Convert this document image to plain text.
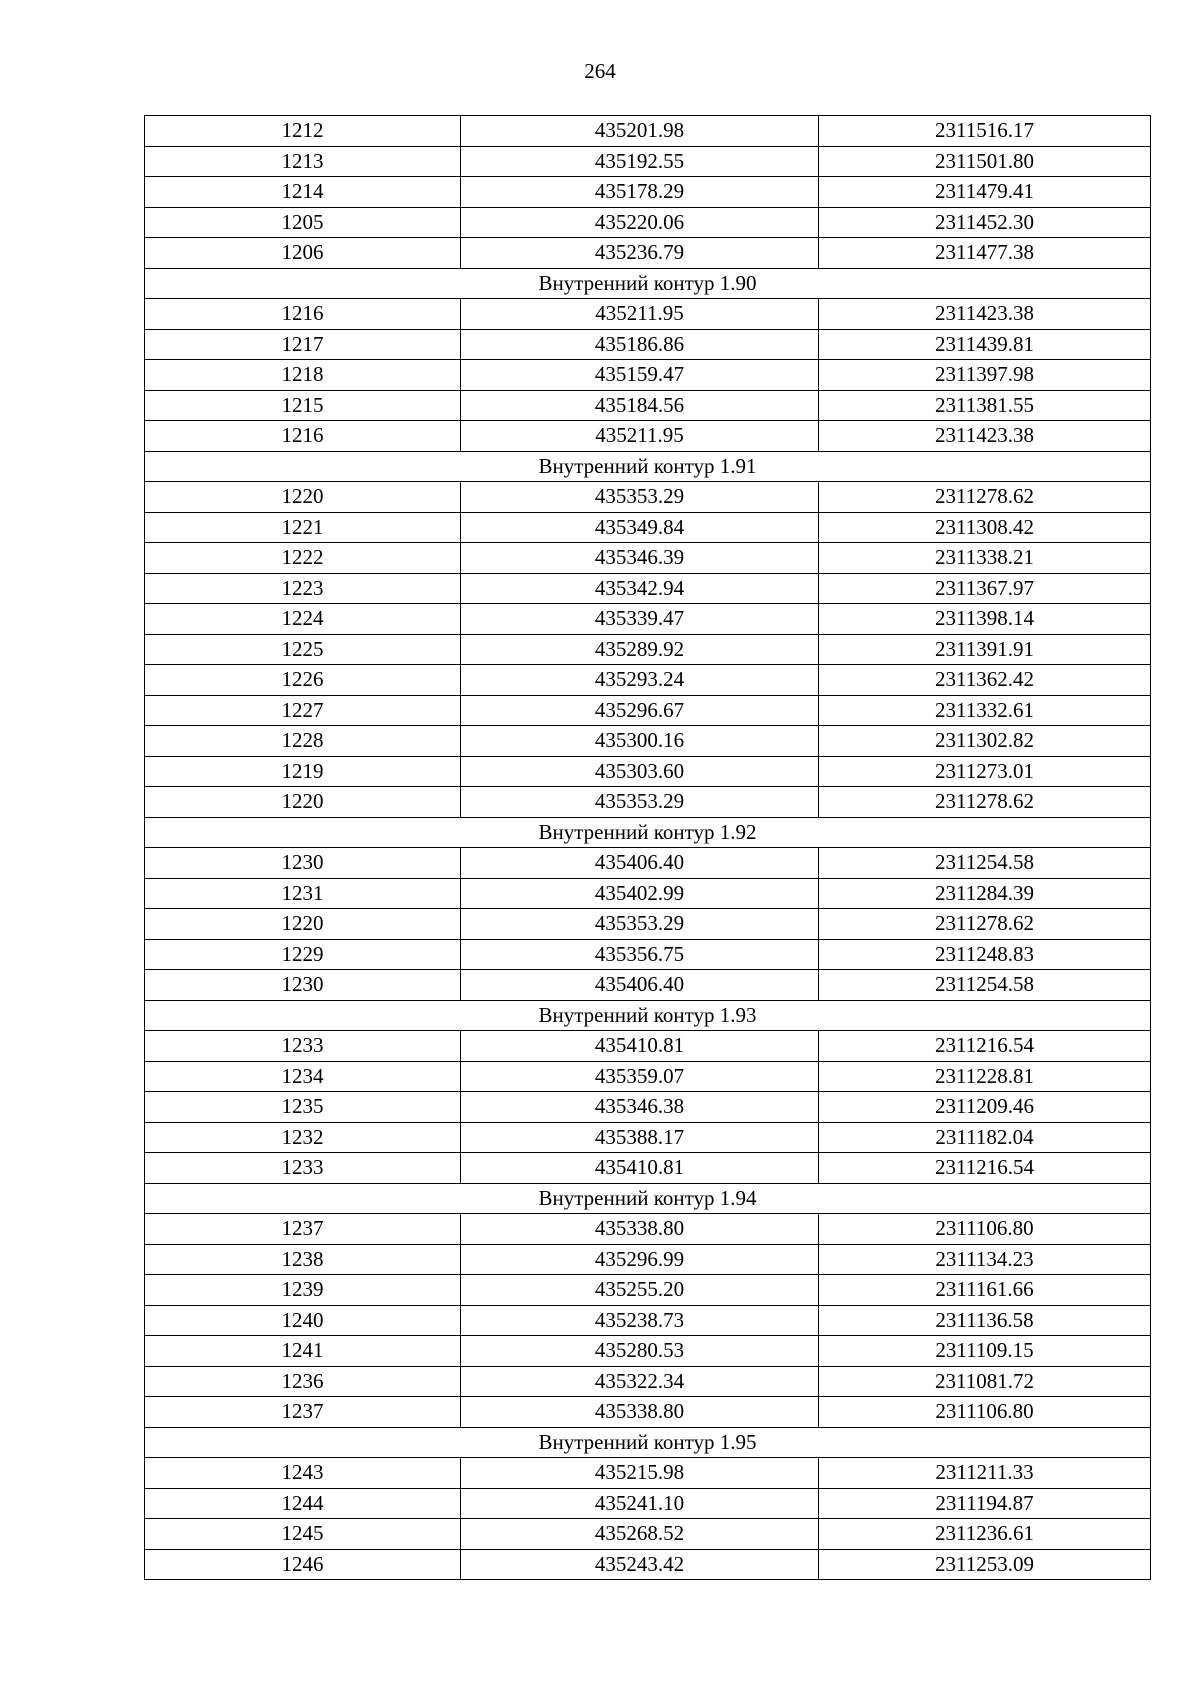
264
1212	435201.98	2311516.17
1213	435192.55	2311501.80
1214	435178.29	2311479.41
1205	435220.06	2311452.30
1206	435236.79	2311477.38
Внутренний контур 1.90		
1216	435211.95	2311423.38
1217	435186.86	2311439.81
1218	435159.47	2311397.98
1215	435184.56	2311381.55
1216	435211.95	2311423.38
Внутренний контур 1.91		
1220	435353.29	2311278.62
1221	435349.84	2311308.42
1222	435346.39	2311338.21
1223	435342.94	2311367.97
1224	435339.47	2311398.14
1225	435289.92	2311391.91
1226	435293.24	2311362.42
1227	435296.67	2311332.61
1228	435300.16	2311302.82
1219	435303.60	2311273.01
1220	435353.29	2311278.62
Внутренний контур 1.92		
1230	435406.40	2311254.58
1231	435402.99	2311284.39
1220	435353.29	2311278.62
1229	435356.75	2311248.83
1230	435406.40	2311254.58
Внутренний контур 1.93		
1233	435410.81	2311216.54
1234	435359.07	2311228.81
1235	435346.38	2311209.46
1232	435388.17	2311182.04
1233	435410.81	2311216.54
Внутренний контур 1.94		
1237	435338.80	2311106.80
1238	435296.99	2311134.23
1239	435255.20	2311161.66
1240	435238.73	2311136.58
1241	435280.53	2311109.15
1236	435322.34	2311081.72
1237	435338.80	2311106.80
Внутренний контур 1.95		
1243	435215.98	2311211.33
1244	435241.10	2311194.87
1245	435268.52	2311236.61
1246	435243.42	2311253.09
